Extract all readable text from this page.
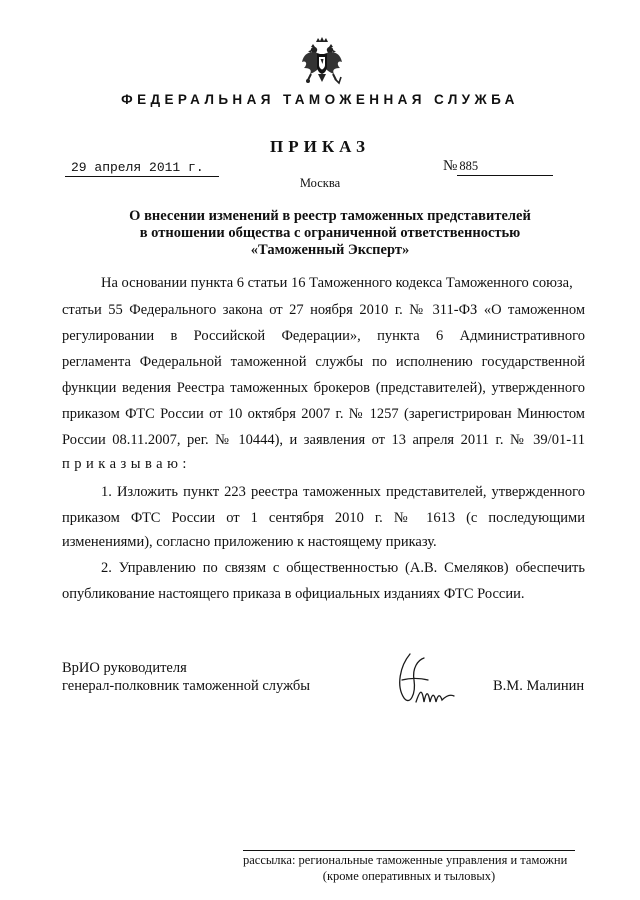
ФЕДЕРАЛЬНАЯ ТАМОЖЕННАЯ СЛУЖБА
ПРИКАЗ
29 апреля 2011 г.	№ 885
Москва
О внесении изменений в реестр таможенных представителей
в отношении общества с ограниченной ответственностью
«Таможенный Эксперт»
На основании пункта 6 статьи 16 Таможенного кодекса Таможенного союза,
статьи 55 Федерального закона от 27 ноября 2010 г. № 311-ФЗ «О таможенном
регулировании в Российской Федерации», пункта 6 Административного
регламента Федеральной таможенной службы по исполнению государственной
функции ведения Реестра таможенных брокеров (представителей), утвержденного
приказом ФТС России от 10 октября 2007 г. № 1257 (зарегистрирован Минюстом
России 08.11.2007, рег. № 10444), и заявления от 13 апреля 2011 г. № 39/01-11
приказываю:
1. Изложить пункт 223 реестра таможенных представителей, утвержденного
приказом ФТС России от 1 сентября 2010 г. № 1613 (с последующими
изменениями), согласно приложению к настоящему приказу.
2. Управлению по связям с общественностью (А.В. Смеляков) обеспечить
опубликование настоящего приказа в официальных изданиях ФТС России.
ВрИО руководителя
генерал-полковник таможенной службы	В.М. Малинин
рассылка: региональные таможенные управления и таможни
(кроме оперативных и тыловых)
